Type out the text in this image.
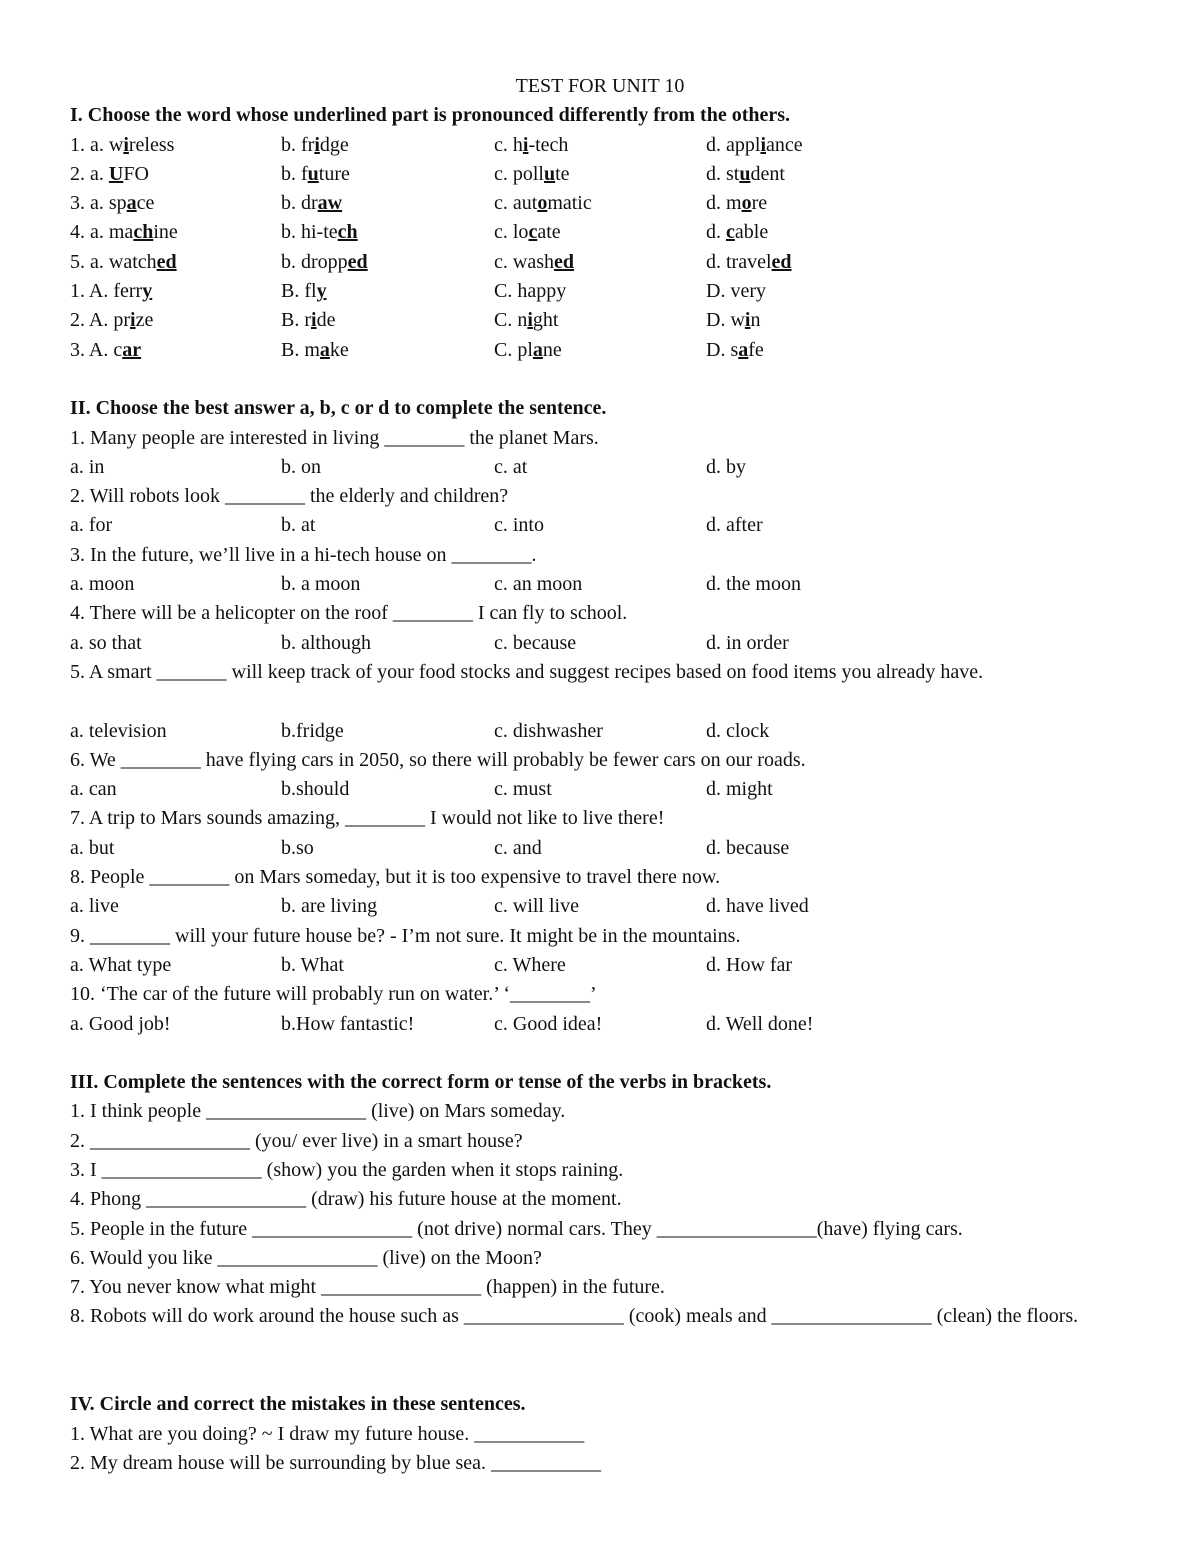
TEST FOR UNIT 10
I. Choose the word whose underlined part is pronounced differently from the others.
1. a. wireless	b. fridge	c. hi-tech	d. appliance
2. a. UFO	b. future	c. pollute	d. student
3. a. space	b. draw	c. automatic	d. more
4. a. machine	b. hi-tech	c. locate	d. cable
5. a. watched	b. dropped	c. washed	d. traveled
1. A. ferry	B. fly	C. happy	D. very
2. A. prize	B. ride	C. night	D. win
3. A. car	B. make	C. plane	D. safe
II. Choose the best answer a, b, c or d to complete the sentence.
1. Many people are interested in living ________ the planet Mars.
a. in	b. on	c. at	d. by
2. Will robots look ________ the elderly and children?
a. for	b. at	c. into	d. after
3. In the future, we’ll live in a hi-tech house on ________.
a. moon	b. a moon	c. an moon	d. the moon
4. There will be a helicopter on the roof ________ I can fly to school.
a. so that	b. although	c. because	d. in order
5. A smart _______ will keep track of your food stocks and suggest recipes based on food items you already have.
a. television	b.fridge	c. dishwasher	d. clock
6. We ________ have flying cars in 2050, so there will probably be fewer cars on our roads.
a. can	b.should	c. must	d. might
7. A trip to Mars sounds amazing, ________ I would not like to live there!
a. but	b.so	c. and	d. because
8. People ________ on Mars someday, but it is too expensive to travel there now.
a. live	b. are living	c. will live	d. have lived
9. ________ will your future house be? - I’m not sure. It might be in the mountains.
a. What type	b. What	c. Where	d. How far
10. ‘The car of the future will probably run on water.’ ‘________’
a. Good job!	b.How fantastic!	c. Good idea!	d. Well done!
III. Complete the sentences with the correct form or tense of the verbs in brackets.
1. I think people ________________ (live) on Mars someday.
2. ________________ (you/ ever live) in a smart house?
3. I ________________ (show) you the garden when it stops raining.
4. Phong ________________ (draw) his future house at the moment.
5. People in the future ________________ (not drive) normal cars. They ________________(have) flying cars.
6. Would you like ________________ (live) on the Moon?
7. You never know what might ________________ (happen) in the future.
8. Robots will do work around the house such as ________________ (cook) meals and ________________ (clean) the floors.
IV. Circle and correct the mistakes in these sentences.
1. What are you doing? ~ I draw my future house. ___________
2. My dream house will be surrounding by blue sea. ___________
